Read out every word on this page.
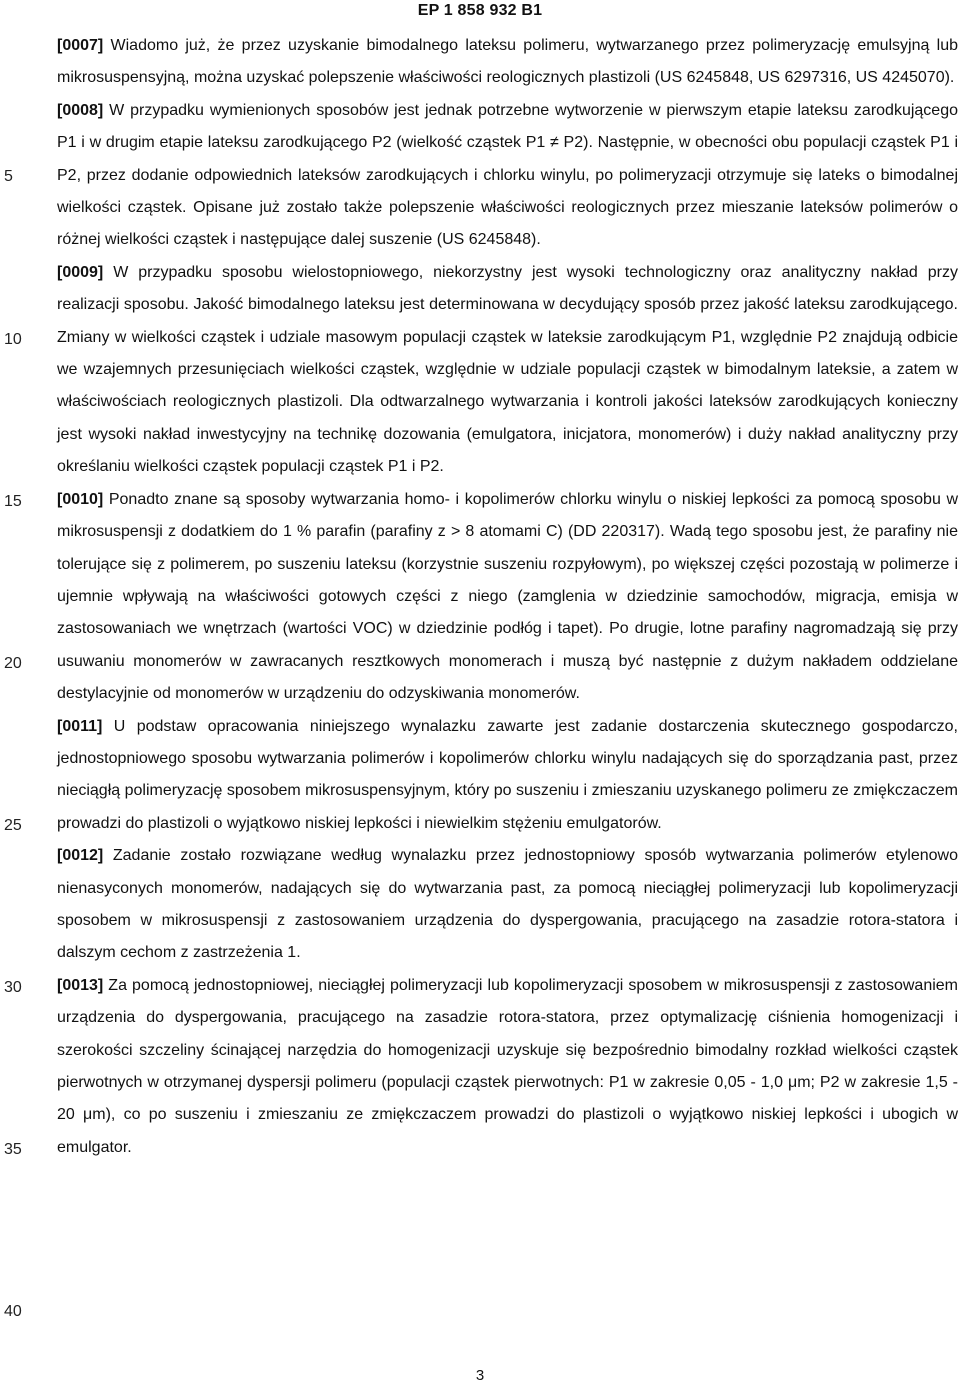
EP 1 858 932 B1
5
10
15
20
25
30
35
40

[0007] Wiadomo już, że przez uzyskanie bimodalnego lateksu polimeru, wytwarzanego przez polimeryzację emulsyjną lub mikrosuspensyjną, można uzyskać polepszenie właściwości reologicznych plastizoli (US 6245848, US 6297316, US 4245070).

[0008] W przypadku wymienionych sposobów jest jednak potrzebne wytworzenie w pierwszym etapie lateksu zarodkującego P1 i w drugim etapie lateksu zarodkującego P2 (wielkość cząstek P1 ≠ P2). Następnie, w obecności obu populacji cząstek P1 i P2, przez dodanie odpowiednich lateksów zarodkujących i chlorku winylu, po polimeryzacji otrzymuje się lateks o bimodalnej wielkości cząstek. Opisane już zostało także polepszenie właściwości reologicznych przez mieszanie lateksów polimerów o różnej wielkości cząstek i następujące dalej suszenie (US 6245848).

[0009] W przypadku sposobu wielostopniowego, niekorzystny jest wysoki technologiczny oraz analityczny nakład przy realizacji sposobu. Jakość bimodalnego lateksu jest determinowana w decydujący sposób przez jakość lateksu zarodkującego. Zmiany w wielkości cząstek i udziale masowym populacji cząstek w lateksie zarodkującym P1, względnie P2 znajdują odbicie we wzajemnych przesunięciach wielkości cząstek, względnie w udziale populacji cząstek w bimodalnym lateksie, a zatem w właściwościach reologicznych plastizoli. Dla odtwarzalnego wytwarzania i kontroli jakości lateksów zarodkujących konieczny jest wysoki nakład inwestycyjny na technikę dozowania (emulgatora, inicjatora, monomerów) i duży nakład analityczny przy określaniu wielkości cząstek populacji cząstek P1 i P2.

[0010] Ponadto znane są sposoby wytwarzania homo- i kopolimerów chlorku winylu o niskiej lepkości za pomocą sposobu w mikrosuspensji z dodatkiem do 1 % parafin (parafiny z > 8 atomami C) (DD 220317). Wadą tego sposobu jest, że parafiny nie tolerujące się z polimerem, po suszeniu lateksu (korzystnie suszeniu rozpyłowym), po większej części pozostają w polimerze i ujemnie wpływają na właściwości gotowych części z niego (zamglenia w dziedzinie samochodów, migracja, emisja w zastosowaniach we wnętrzach (wartości VOC) w dziedzinie podłóg i tapet). Po drugie, lotne parafiny nagromadzają się przy usuwaniu monomerów w zawracanych resztkowych monomerach i muszą być następnie z dużym nakładem oddzielane destylacyjnie od monomerów w urządzeniu do odzyskiwania monomerów.

[0011] U podstaw opracowania niniejszego wynalazku zawarte jest zadanie dostarczenia skutecznego gospodarczo, jednostopniowego sposobu wytwarzania polimerów i kopolimerów chlorku winylu nadających się do sporządzania past, przez nieciągłą polimeryzację sposobem mikrosuspensyjnym, który po suszeniu i zmieszaniu uzyskanego polimeru ze zmiękczaczem prowadzi do plastizoli o wyjątkowo niskiej lepkości i niewielkim stężeniu emulgatorów.

[0012] Zadanie zostało rozwiązane według wynalazku przez jednostopniowy sposób wytwarzania polimerów etylenowo nienasyconych monomerów, nadających się do wytwarzania past, za pomocą nieciągłej polimeryzacji lub kopolimeryzacji sposobem w mikrosuspensji z zastosowaniem urządzenia do dyspergowania, pracującego na zasadzie rotora-statora i dalszym cechom z zastrzeżenia 1.

[0013] Za pomocą jednostopniowej, nieciągłej polimeryzacji lub kopolimeryzacji sposobem w mikrosuspensji z zastosowaniem urządzenia do dyspergowania, pracującego na zasadzie rotora-statora, przez optymalizację ciśnienia homogenizacji i szerokości szczeliny ścinającej narzędzia do homogenizacji uzyskuje się bezpośrednio bimodalny rozkład wielkości cząstek pierwotnych w otrzymanej dyspersji polimeru (populacji cząstek pierwotnych: P1 w zakresie 0,05 - 1,0 μm; P2 w zakresie 1,5 - 20 μm), co po suszeniu i zmieszaniu ze zmiękczaczem prowadzi do plastizoli o wyjątkowo niskiej lepkości i ubogich w emulgator.

3
